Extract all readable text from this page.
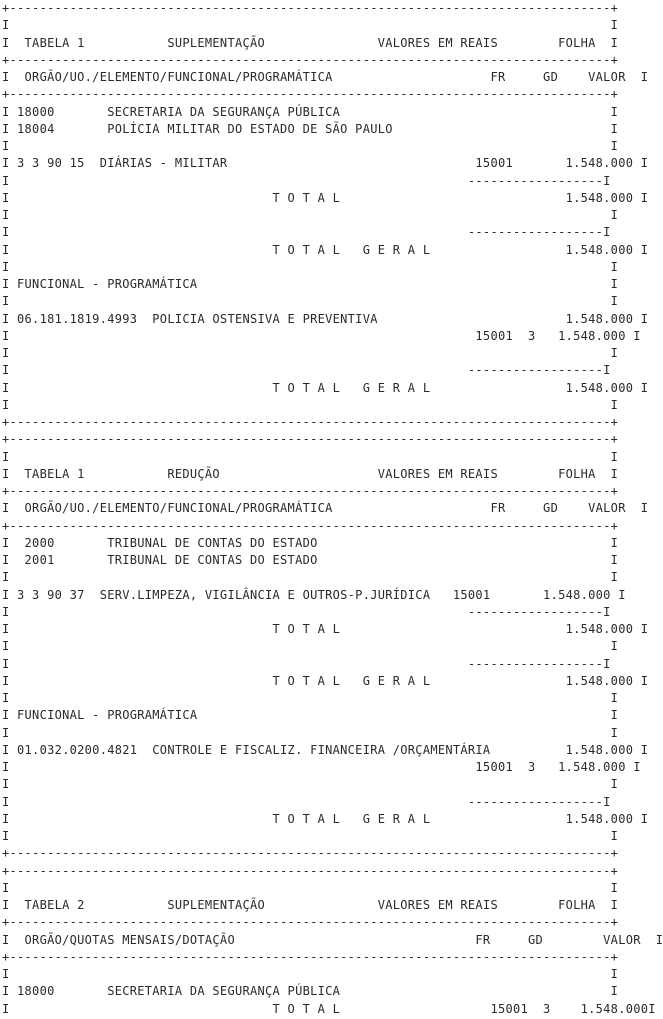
+--------------------------------------------------------------------------------+
I                                                                                I
I  TABELA 1           SUPLEMENTAÇÃO               VALORES EM REAIS        FOLHA  I
+--------------------------------------------------------------------------------+
I  ORGÃO/UO./ELEMENTO/FUNCIONAL/PROGRAMÁTICA                     FR     GD    VALOR  I
+--------------------------------------------------------------------------------+
I 18000       SECRETARIA DA SEGURANÇA PÚBLICA                                    I
I 18004       POLÍCIA MILITAR DO ESTADO DE SÃO PAULO                             I
I                                                                                I
I 3 3 90 15  DIÁRIAS - MILITAR                                 15001       1.548.000 I
I                                                             ------------------I
I                                   T O T A L                              1.548.000 I
I                                                                                I
I                                                             ------------------I
I                                   T O T A L   G E R A L                  1.548.000 I
I                                                                                I
I FUNCIONAL - PROGRAMÁTICA                                                       I
I                                                                                I
I 06.181.1819.4993  POLICIA OSTENSIVA E PREVENTIVA                         1.548.000 I
I                                                              15001  3   1.548.000 I
I                                                                                I
I                                                             ------------------I
I                                   T O T A L   G E R A L                  1.548.000 I
I                                                                                I
+--------------------------------------------------------------------------------+
+--------------------------------------------------------------------------------+
I                                                                                I
I  TABELA 1           REDUÇÃO                     VALORES EM REAIS        FOLHA  I
+--------------------------------------------------------------------------------+
I  ORGÃO/UO./ELEMENTO/FUNCIONAL/PROGRAMÁTICA                     FR     GD    VALOR  I
+--------------------------------------------------------------------------------+
I  2000       TRIBUNAL DE CONTAS DO ESTADO                                       I
I  2001       TRIBUNAL DE CONTAS DO ESTADO                                       I
I                                                                                I
I 3 3 90 37  SERV.LIMPEZA, VIGILÂNCIA E OUTROS-P.JURÍDICA   15001       1.548.000 I
I                                                             ------------------I
I                                   T O T A L                              1.548.000 I
I                                                                                I
I                                                             ------------------I
I                                   T O T A L   G E R A L                  1.548.000 I
I                                                                                I
I FUNCIONAL - PROGRAMÁTICA                                                       I
I                                                                                I
I 01.032.0200.4821  CONTROLE E FISCALIZ. FINANCEIRA /ORÇAMENTÁRIA          1.548.000 I
I                                                              15001  3   1.548.000 I
I                                                                                I
I                                                             ------------------I
I                                   T O T A L   G E R A L                  1.548.000 I
I                                                                                I
+--------------------------------------------------------------------------------+
+--------------------------------------------------------------------------------+
I                                                                                I
I  TABELA 2           SUPLEMENTAÇÃO               VALORES EM REAIS        FOLHA  I
+--------------------------------------------------------------------------------+
I  ORGÃO/QUOTAS MENSAIS/DOTAÇÃO                                FR     GD        VALOR  I
+--------------------------------------------------------------------------------+
I                                                                                I
I 18000       SECRETARIA DA SEGURANÇA PÚBLICA                                    I
I                                   T O T A L                    15001  3    1.548.000I
